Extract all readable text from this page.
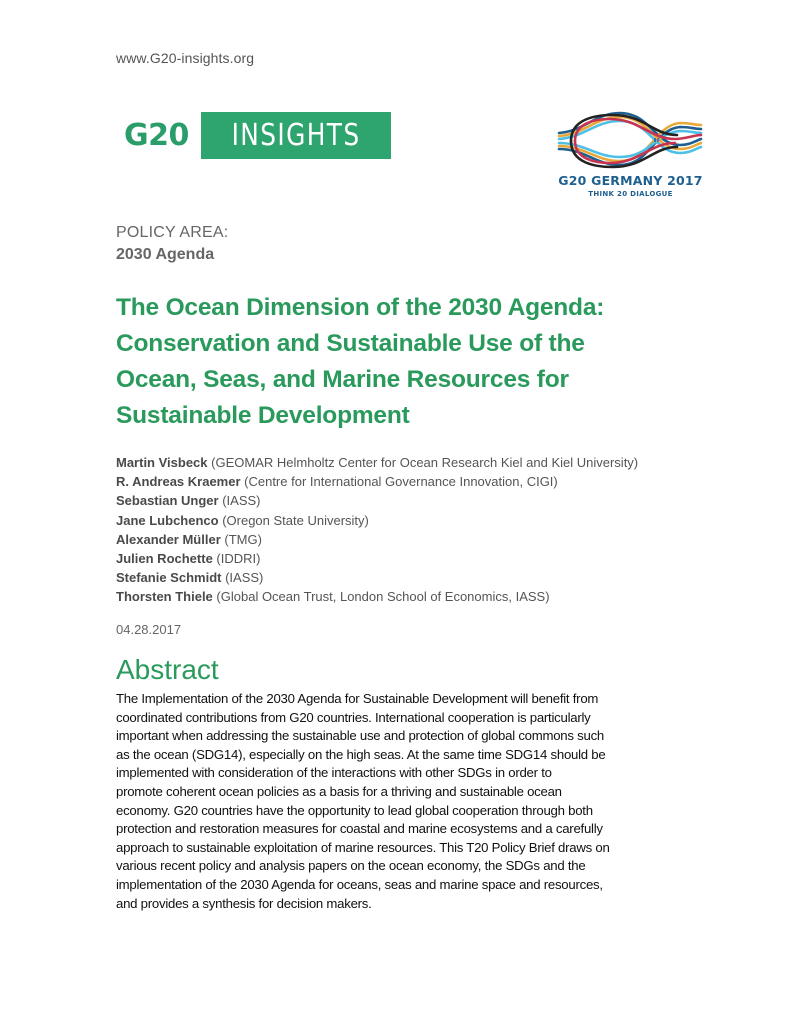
www.G20-insights.org
G20 INSIGHTS
G20 GERMANY 2017
THINK 20 DIALOGUE
POLICY AREA:
2030 Agenda
The Ocean Dimension of the 2030 Agenda:
Conservation and Sustainable Use of the
Ocean, Seas, and Marine Resources for
Sustainable Development
Martin Visbeck (GEOMAR Helmholtz Center for Ocean Research Kiel and Kiel University)
R. Andreas Kraemer (Centre for International Governance Innovation, CIGI)
Sebastian Unger (IASS)
Jane Lubchenco (Oregon State University)
Alexander Müller (TMG)
Julien Rochette (IDDRI)
Stefanie Schmidt (IASS)
Thorsten Thiele (Global Ocean Trust, London School of Economics, IASS)
04.28.2017
Abstract
The Implementation of the 2030 Agenda for Sustainable Development will benefit from
coordinated contributions from G20 countries. International cooperation is particularly
important when addressing the sustainable use and protection of global commons such
as the ocean (SDG14), especially on the high seas. At the same time SDG14 should be
implemented with consideration of the interactions with other SDGs in order to
promote coherent ocean policies as a basis for a thriving and sustainable ocean
economy. G20 countries have the opportunity to lead global cooperation through both
protection and restoration measures for coastal and marine ecosystems and a carefully
approach to sustainable exploitation of marine resources. This T20 Policy Brief draws on
various recent policy and analysis papers on the ocean economy, the SDGs and the
implementation of the 2030 Agenda for oceans, seas and marine space and resources,
and provides a synthesis for decision makers.
